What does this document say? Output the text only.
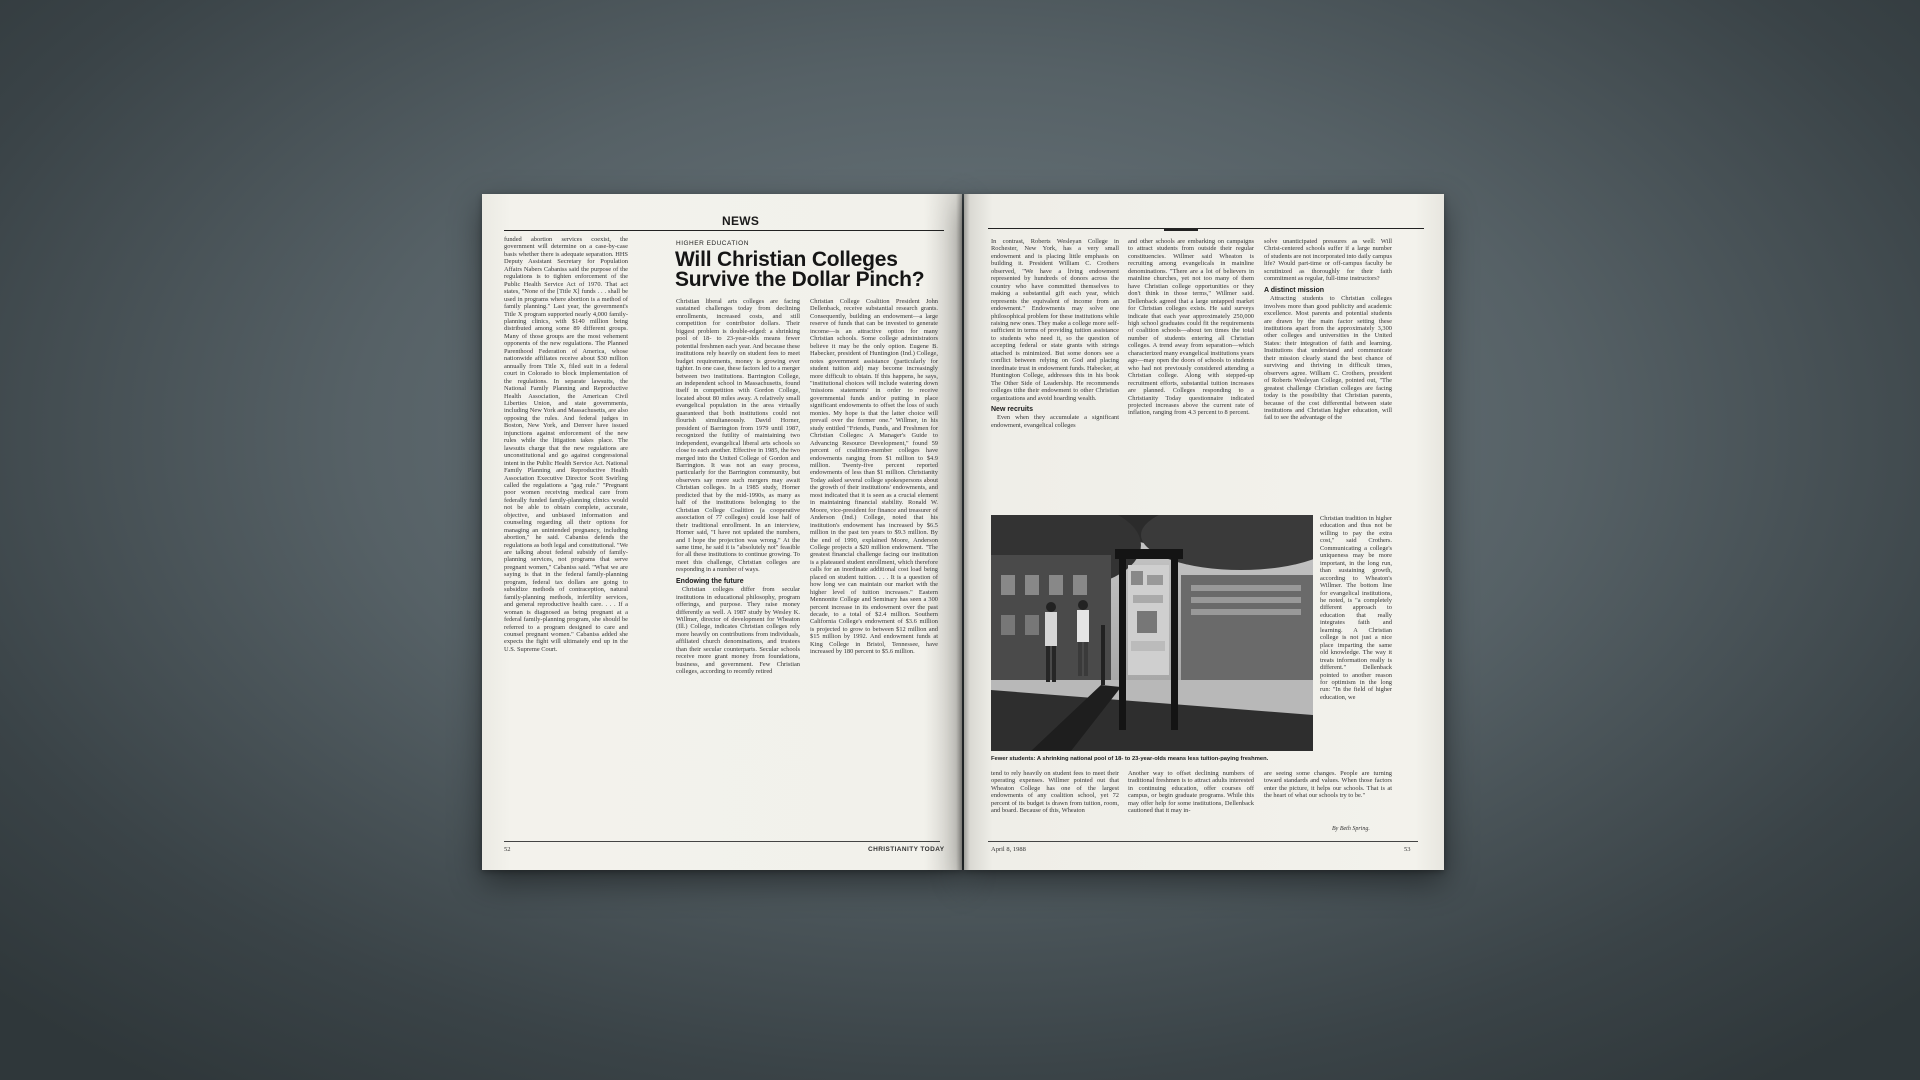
NEWS

funded abortion services coexist, the government will determine on a case-by-case basis whether there is adequate separation. HHS Deputy Assistant Secretary for Population Affairs Nabers Cabaniss said the purpose of the regulations is to tighten enforcement of the Public Health Service Act of 1970. That act states, "None of the [Title X] funds . . . shall be used in programs where abortion is a method of family planning." Last year, the government's Title X program supported nearly 4,000 family-planning clinics, with $140 million being distributed among some 89 different groups. Many of those groups are the most vehement opponents of the new regulations. The Planned Parenthood Federation of America, whose nationwide affiliates receive about $30 million annually from Title X, filed suit in a federal court in Colorado to block implementation of the regulations. In separate lawsuits, the National Family Planning and Reproductive Health Association, the American Civil Liberties Union, and state governments, including New York and Massachusetts, are also opposing the rules. And federal judges in Boston, New York, and Denver have issued injunctions against enforcement of the new rules while the litigation takes place. The lawsuits charge that the new regulations are unconstitutional and go against congressional intent in the Public Health Service Act. National Family Planning and Reproductive Health Association Executive Director Scott Swirling called the regulations a "gag rule." "Pregnant poor women receiving medical care from federally funded family-planning clinics would not be able to obtain complete, accurate, objective, and unbiased information and counseling regarding all their options for managing an unintended pregnancy, including abortion," he said. Cabaniss defends the regulations as both legal and constitutional. "We are talking about federal subsidy of family-planning services, not programs that serve pregnant women," Cabaniss said. "What we are saying is that in the federal family-planning program, federal tax dollars are going to subsidize methods of contraception, natural family-planning methods, infertility services, and general reproductive health care. . . . If a woman is diagnosed as being pregnant at a federal family-planning program, she should be referred to a program designed to care and counsel pregnant women." Cabaniss added she expects the fight will ultimately end up in the U.S. Supreme Court.

HIGHER EDUCATION
Will Christian Colleges Survive the Dollar Pinch?

Christian liberal arts colleges are facing sustained challenges today from declining enrollments, increased costs, and still competition for contributor dollars. Their biggest problem is double-edged: a shrinking pool of 18- to 23-year-olds means fewer potential freshmen each year. And because these institutions rely heavily on student fees to meet budget requirements, money is growing ever tighter. In one case, these factors led to a merger between two institutions. Barrington College, an independent school in Massachusetts, found itself in competition with Gordon College, located about 80 miles away. A relatively small evangelical population in the area virtually guaranteed that both institutions could not flourish simultaneously. David Horner, president of Barrington from 1979 until 1987, recognized the futility of maintaining two independent, evangelical liberal arts schools so close to each another. Effective in 1985, the two merged into the United College of Gordon and Barrington. It was not an easy process, particularly for the Barrington community, but observers say more such mergers may await Christian colleges. In a 1985 study, Horner predicted that by the mid-1990s, as many as half of the institutions belonging to the Christian College Coalition (a cooperative association of 77 colleges) could lose half of their traditional enrollment. In an interview, Horner said, "I have not updated the numbers, and I hope the projection was wrong." At the same time, he said it is "absolutely not" feasible for all these institutions to continue growing. To meet this challenge, Christian colleges are responding in a number of ways.

Endowing the future

Christian colleges differ from secular institutions in educational philosophy, program offerings, and purpose. They raise money differently as well. A 1987 study by Wesley K. Willmer, director of development for Wheaton (Ill.) College, indicates Christian colleges rely more heavily on contributions from individuals, affiliated church denominations, and trustees than their secular counterparts. Secular schools receive more grant money from foundations, business, and government. Few Christian colleges, according to recently retired

Christian College Coalition President John Dellenback, receive substantial research grants. Consequently, building an endowment—a large reserve of funds that can be invested to generate income—is an attractive option for many Christian schools. Some college administrators believe it may be the only option. Eugene B. Habecker, president of Huntington (Ind.) College, notes government assistance (particularly for student tuition aid) may become increasingly more difficult to obtain. If this happens, he says, "institutional choices will include watering down 'missions statements' in order to receive governmental funds and/or putting in place significant endowments to offset the loss of such monies. My hope is that the latter choice will prevail over the former one." Willmer, in his study entitled "Friends, Funds, and Freshmen for Christian Colleges: A Manager's Guide to Advancing Resource Development," found 59 percent of coalition-member colleges have endowments ranging from $1 million to $4.9 million. Twenty-five percent reported endowments of less than $1 million. Christianity Today asked several college spokespersons about the growth of their institutions' endowments, and most indicated that it is seen as a crucial element in maintaining financial stability. Ronald W. Moore, vice-president for finance and treasurer of Anderson (Ind.) College, noted that his institution's endowment has increased by $6.5 million in the past ten years to $9.3 million. By the end of 1990, explained Moore, Anderson College projects a $20 million endowment. "The greatest financial challenge facing our institution is a plateaued student enrollment, which therefore calls for an inordinate additional cost load being placed on student tuition. . . . It is a question of how long we can maintain our market with the higher level of tuition increases." Eastern Mennonite College and Seminary has seen a 300 percent increase in its endowment over the past decade, to a total of $2.4 million. Southern California College's endowment of $3.6 million is projected to grow to between $12 million and $15 million by 1992. And endowment funds at King College in Bristol, Tennessee, have increased by 180 percent to $5.6 million.

52	CHRISTIANITY TODAY

In contrast, Roberts Wesleyan College in Rochester, New York, has a very small endowment and is placing little emphasis on building it. President William C. Crothers observed, "We have a living endowment represented by hundreds of donors across the country who have committed themselves to making a substantial gift each year, which represents the equivalent of income from an endowment." Endowments may solve one philosophical problem for these institutions while raising new ones. They make a college more self-sufficient in terms of providing tuition assistance to students who need it, so the question of accepting federal or state grants with strings attached is minimized. But some donors see a conflict between relying on God and placing inordinate trust in endowment funds. Habecker, at Huntington College, addresses this in his book The Other Side of Leadership. He recommends colleges tithe their endowment to other Christian organizations and avoid hoarding wealth.

New recruits

Even when they accumulate a significant endowment, evangelical colleges

and other schools are embarking on campaigns to attract students from outside their regular constituencies. Willmer said Wheaton is recruiting among evangelicals in mainline denominations. "There are a lot of believers in mainline churches, yet not too many of them have Christian college opportunities or they don't think in those terms," Willmer said. Dellenback agreed that a large untapped market for Christian colleges exists. He said surveys indicate that each year approximately 250,000 high school graduates could fit the requirements of coalition schools—about ten times the total number of students entering all Christian colleges. A trend away from separation—which characterized many evangelical institutions years ago—may open the doors of schools to students who had not previously considered attending a Christian college. Along with stepped-up recruitment efforts, substantial tuition increases are planned. Colleges responding to a Christianity Today questionnaire indicated projected increases above the current rate of inflation, ranging from 4.3 percent to 8 percent.

solve unanticipated pressures as well: Will Christ-centered schools suffer if a large number of students are not incorporated into daily campus life? Would part-time or off-campus faculty be scrutinized as thoroughly for their faith commitment as regular, full-time instructors?

A distinct mission

Attracting students to Christian colleges involves more than good publicity and academic excellence. Most parents and potential students are drawn by the main factor setting these institutions apart from the approximately 3,300 other colleges and universities in the United States: their integration of faith and learning. Institutions that understand and communicate their mission clearly stand the best chance of surviving and thriving in difficult times, observers agree. William C. Crothers, president of Roberts Wesleyan College, pointed out, "The greatest challenge Christian colleges are facing today is the possibility that Christian parents, because of the cost differential between state institutions and Christian higher education, will fail to see the advantage of the

Fewer students: A shrinking national pool of 18- to 23-year-olds means less tuition-paying freshmen.

Christian tradition in higher education and thus not be willing to pay the extra cost," said Crothers. Communicating a college's uniqueness may be more important, in the long run, than sustaining growth, according to Wheaton's Willmer. The bottom line for evangelical institutions, he noted, is "a completely different approach to education that really integrates faith and learning. A Christian college is not just a nice place imparting the same old knowledge. The way it treats information really is different." Dellenback pointed to another reason for optimism in the long run: "In the field of higher education, we

tend to rely heavily on student fees to meet their operating expenses. Willmer pointed out that Wheaton College has one of the largest endowments of any coalition school, yet 72 percent of its budget is drawn from tuition, room, and board. Because of this, Wheaton

Another way to offset declining numbers of traditional freshmen is to attract adults interested in continuing education, offer courses off campus, or begin graduate programs. While this may offer help for some institutions, Dellenback cautioned that it may in-

are seeing some changes. People are turning toward standards and values. When those factors enter the picture, it helps our schools. That is at the heart of what our schools try to be."

By Beth Spring.
April 8, 1988	53
